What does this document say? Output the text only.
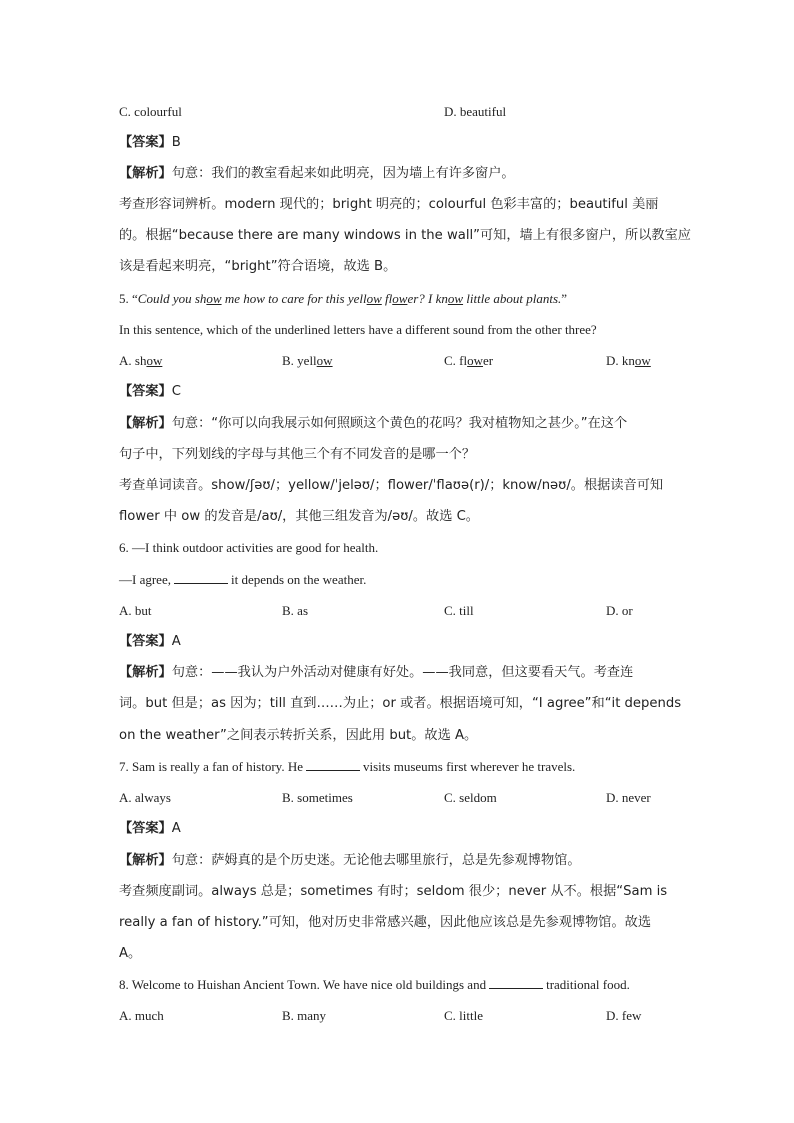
C. colourful	D. beautiful
【答案】B
【解析】句意：我们的教室看起来如此明亮，因为墙上有许多窗户。
考查形容词辨析。modern 现代的；bright 明亮的；colourful 色彩丰富的；beautiful 美丽
的。根据“because there are many windows in the wall”可知，墙上有很多窗户，所以教室应
该是看起来明亮，“bright”符合语境，故选 B。
5. “Could you show me how to care for this yellow flower? I know little about plants.”
In this sentence, which of the underlined letters have a different sound from the other three?
A. show	B. yellow	C. flower	D. know
【答案】C
【解析】句意：“你可以向我展示如何照顾这个黄色的花吗？我对植物知之甚少。”在这个
句子中，下列划线的字母与其他三个有不同发音的是哪一个？
考查单词读音。show/ʃəʊ/；yellow/ˈjeləʊ/；flower/ˈflaʊə(r)/；know/nəʊ/。根据读音可知
flower 中 ow 的发音是/aʊ/，其他三组发音为/əʊ/。故选 C。
6. —I think outdoor activities are good for health.
—I agree,	it depends on the weather.
A. but	B. as	C. till	D. or
【答案】A
【解析】句意：——我认为户外活动对健康有好处。——我同意，但这要看天气。考查连
词。but 但是；as 因为；till 直到……为止；or 或者。根据语境可知，“I agree”和“it depends
on the weather”之间表示转折关系，因此用 but。故选 A。
7. Sam is really a fan of history. He	visits museums first wherever he travels.
A. always	B. sometimes	C. seldom	D. never
【答案】A
【解析】句意：萨姆真的是个历史迷。无论他去哪里旅行，总是先参观博物馆。
考查频度副词。always 总是；sometimes 有时；seldom 很少；never 从不。根据“Sam is
really a fan of history.”可知，他对历史非常感兴趣，因此他应该总是先参观博物馆。故选
A。
8. Welcome to Huishan Ancient Town. We have nice old buildings and	traditional food.
A. much	B. many	C. little	D. few
